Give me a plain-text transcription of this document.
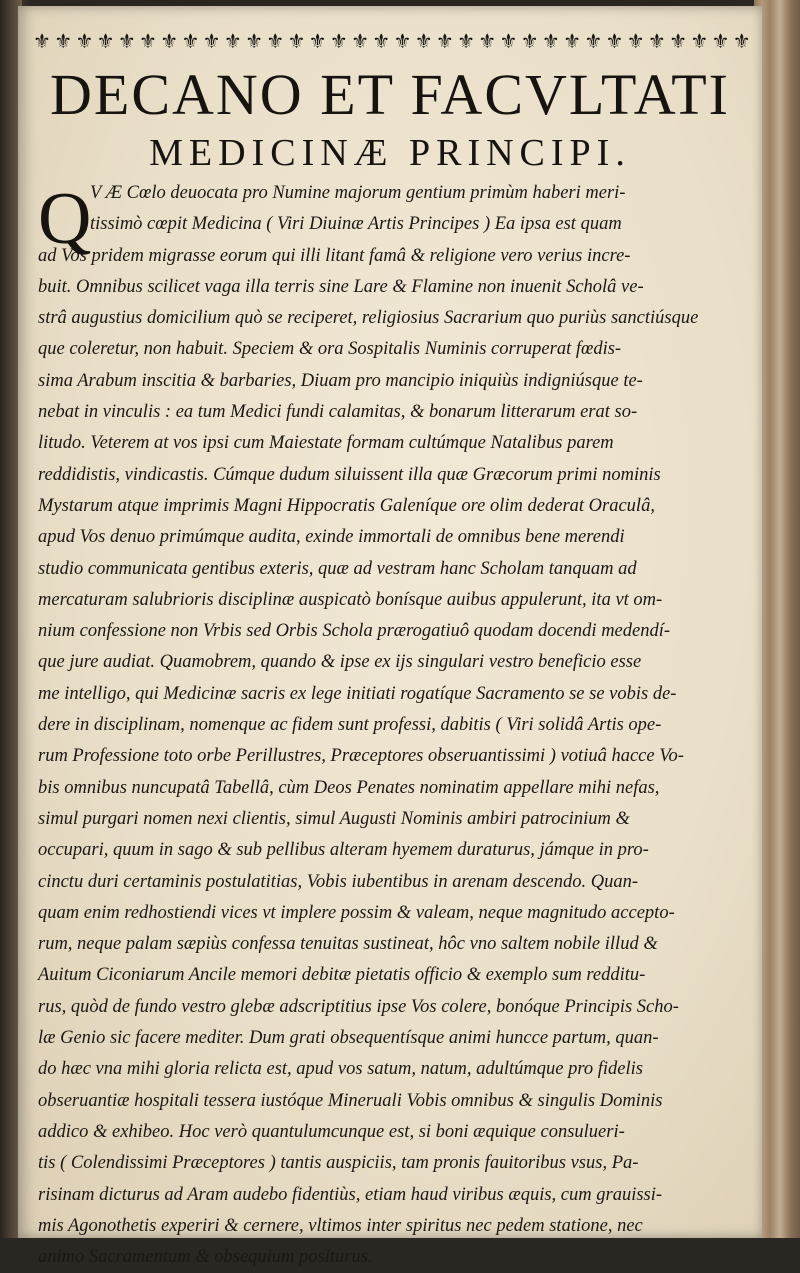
⚜ ⚜ ⚜ ⚜ ⚜ ⚜ ⚜ ⚜ ⚜ ⚜ ⚜ ⚜ ⚜ ⚜ ⚜ ⚜ ⚜ ⚜ ⚜ ⚜ ⚜ ⚜ ⚜ ⚜ ⚜ ⚜ ⚜ ⚜ ⚜ ⚜ ⚜ ⚜ ⚜ ⚜
DECANO ET FACVLTATI
MEDICINÆ PRINCIPI.
Q
V Æ Cœlo deuocata pro Numine majorum gentium primùm haberi meri-
tissimò cœpit Medicina ( Viri Diuinæ Artis Principes ) Ea ipsa est quam
ad Vos pridem migrasse eorum qui illi litant famâ & religione vero verius incre-
buit. Omnibus scilicet vaga illa terris sine Lare & Flamine non inuenit Scholâ ve-
strâ augustius domicilium quò se reciperet, religiosius Sacrarium quo puriùs sanctiúsque
que coleretur, non habuit. Speciem & ora Sospitalis Numinis corruperat fœdis-
sima Arabum inscitia & barbaries, Diuam pro mancipio iniquiùs indigniúsque te-
nebat in vinculis : ea tum Medici fundi calamitas, & bonarum litterarum erat so-
litudo. Veterem at vos ipsi cum Maiestate formam cultúmque Natalibus parem
reddidistis, vindicastis. Cúmque dudum siluissent illa quæ Græcorum primi nominis
Mystarum atque imprimis Magni Hippocratis Galeníque ore olim dederat Oraculâ,
apud Vos denuo primúmque audita, exinde immortali de omnibus bene merendi
studio communicata gentibus exteris, quæ ad vestram hanc Scholam tanquam ad
mercaturam salubrioris disciplinæ auspicatò bonísque auibus appulerunt, ita vt om-
nium confessione non Vrbis sed Orbis Schola prærogatiuô quodam docendi medendí-
que jure audiat. Quamobrem, quando & ipse ex ijs singulari vestro beneficio esse
me intelligo, qui Medicinæ sacris ex lege initiati rogatíque Sacramento se se vobis de-
dere in disciplinam, nomenque ac fidem sunt professi, dabitis ( Viri solidâ Artis ope-
rum Professione toto orbe Perillustres, Præceptores obseruantissimi ) votiuâ hacce Vo-
bis omnibus nuncupatâ Tabellâ, cùm Deos Penates nominatim appellare mihi nefas,
simul purgari nomen nexi clientis, simul Augusti Nominis ambiri patrocinium &
occupari, quum in sago & sub pellibus alteram hyemem duraturus, jámque in pro-
cinctu duri certaminis postulatitias, Vobis iubentibus in arenam descendo. Quan-
quam enim redhostiendi vices vt implere possim & valeam, neque magnitudo accepto-
rum, neque palam sæpiùs confessa tenuitas sustineat, hôc vno saltem nobile illud &
Auitum Ciconiarum Ancile memori debitæ pietatis officio & exemplo sum redditu-
rus, quòd de fundo vestro glebæ adscriptitius ipse Vos colere, bonóque Principis Scho-
læ Genio sic facere mediter. Dum grati obsequentísque animi huncce partum, quan-
do hæc vna mihi gloria relicta est, apud vos satum, natum, adultúmque pro fidelis
obseruantiæ hospitali tessera iustóque Mineruali Vobis omnibus & singulis Dominis
addico & exhibeo. Hoc verò quantulumcunque est, si boni æquique consulueri-
tis ( Colendissimi Præceptores ) tantis auspiciis, tam pronis fauitoribus vsus, Pa-
risinam dicturus ad Aram audebo fidentiùs, etiam haud viribus æquis, cum grauissi-
mis Agonothetis experiri & cernere, vltimos inter spiritus nec pedem statione, nec
animo Sacramentum & obsequium positurus.
